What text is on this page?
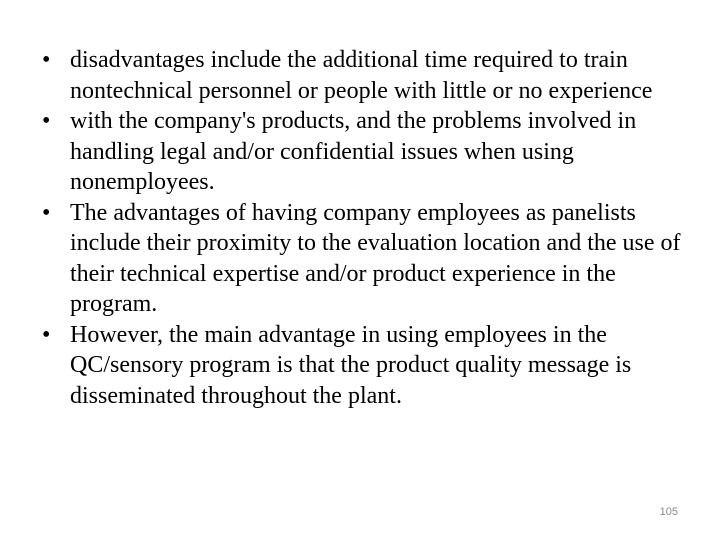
• disadvantages include the additional time required to train nontechnical personnel or people with little or no experience
• with the company's products, and the problems involved in handling legal and/or confidential issues when using nonemployees.
• The advantages of having company employees as panelists include their proximity to the evaluation location and the use of their technical expertise and/or product experience in the program.
• However, the main advantage in using employees in the QC/sensory program is that the product quality message is disseminated throughout the plant.
105
